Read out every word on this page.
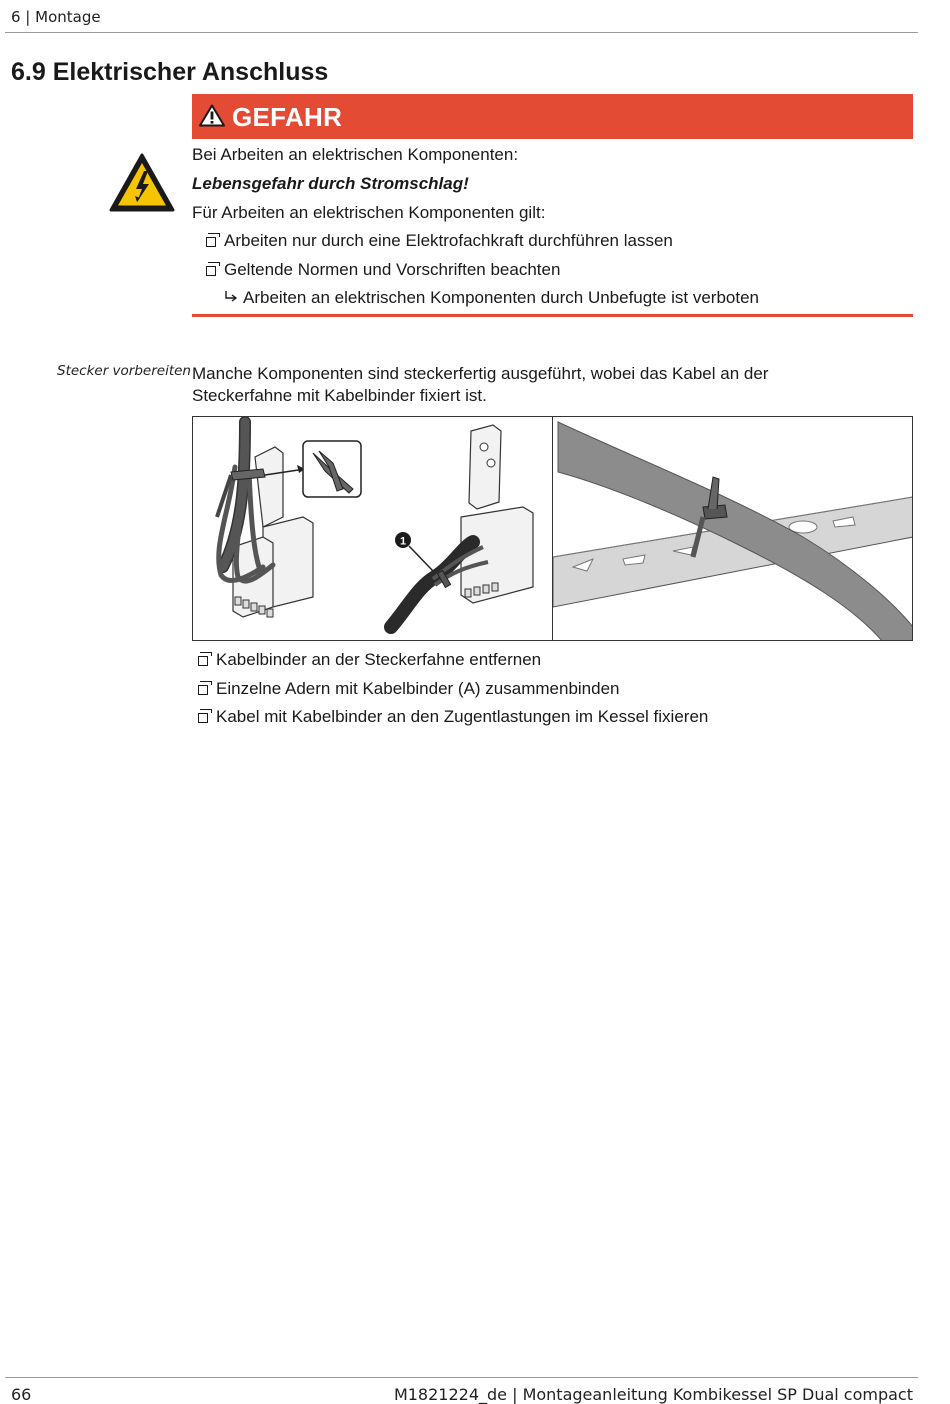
6 | Montage
6.9 Elektrischer Anschluss
GEFAHR
Bei Arbeiten an elektrischen Komponenten:
Lebensgefahr durch Stromschlag!
Für Arbeiten an elektrischen Komponenten gilt:
Arbeiten nur durch eine Elektrofachkraft durchführen lassen
Geltende Normen und Vorschriften beachten
Arbeiten an elektrischen Komponenten durch Unbefugte ist verboten
Stecker vorbereiten Manche Komponenten sind steckerfertig ausgeführt, wobei das Kabel an der
Steckerfahne mit Kabelbinder fixiert ist.
1
Kabelbinder an der Steckerfahne entfernen
Einzelne Adern mit Kabelbinder (A) zusammenbinden
Kabel mit Kabelbinder an den Zugentlastungen im Kessel fixieren
66	M1821224_de | Montageanleitung Kombikessel SP Dual compact
